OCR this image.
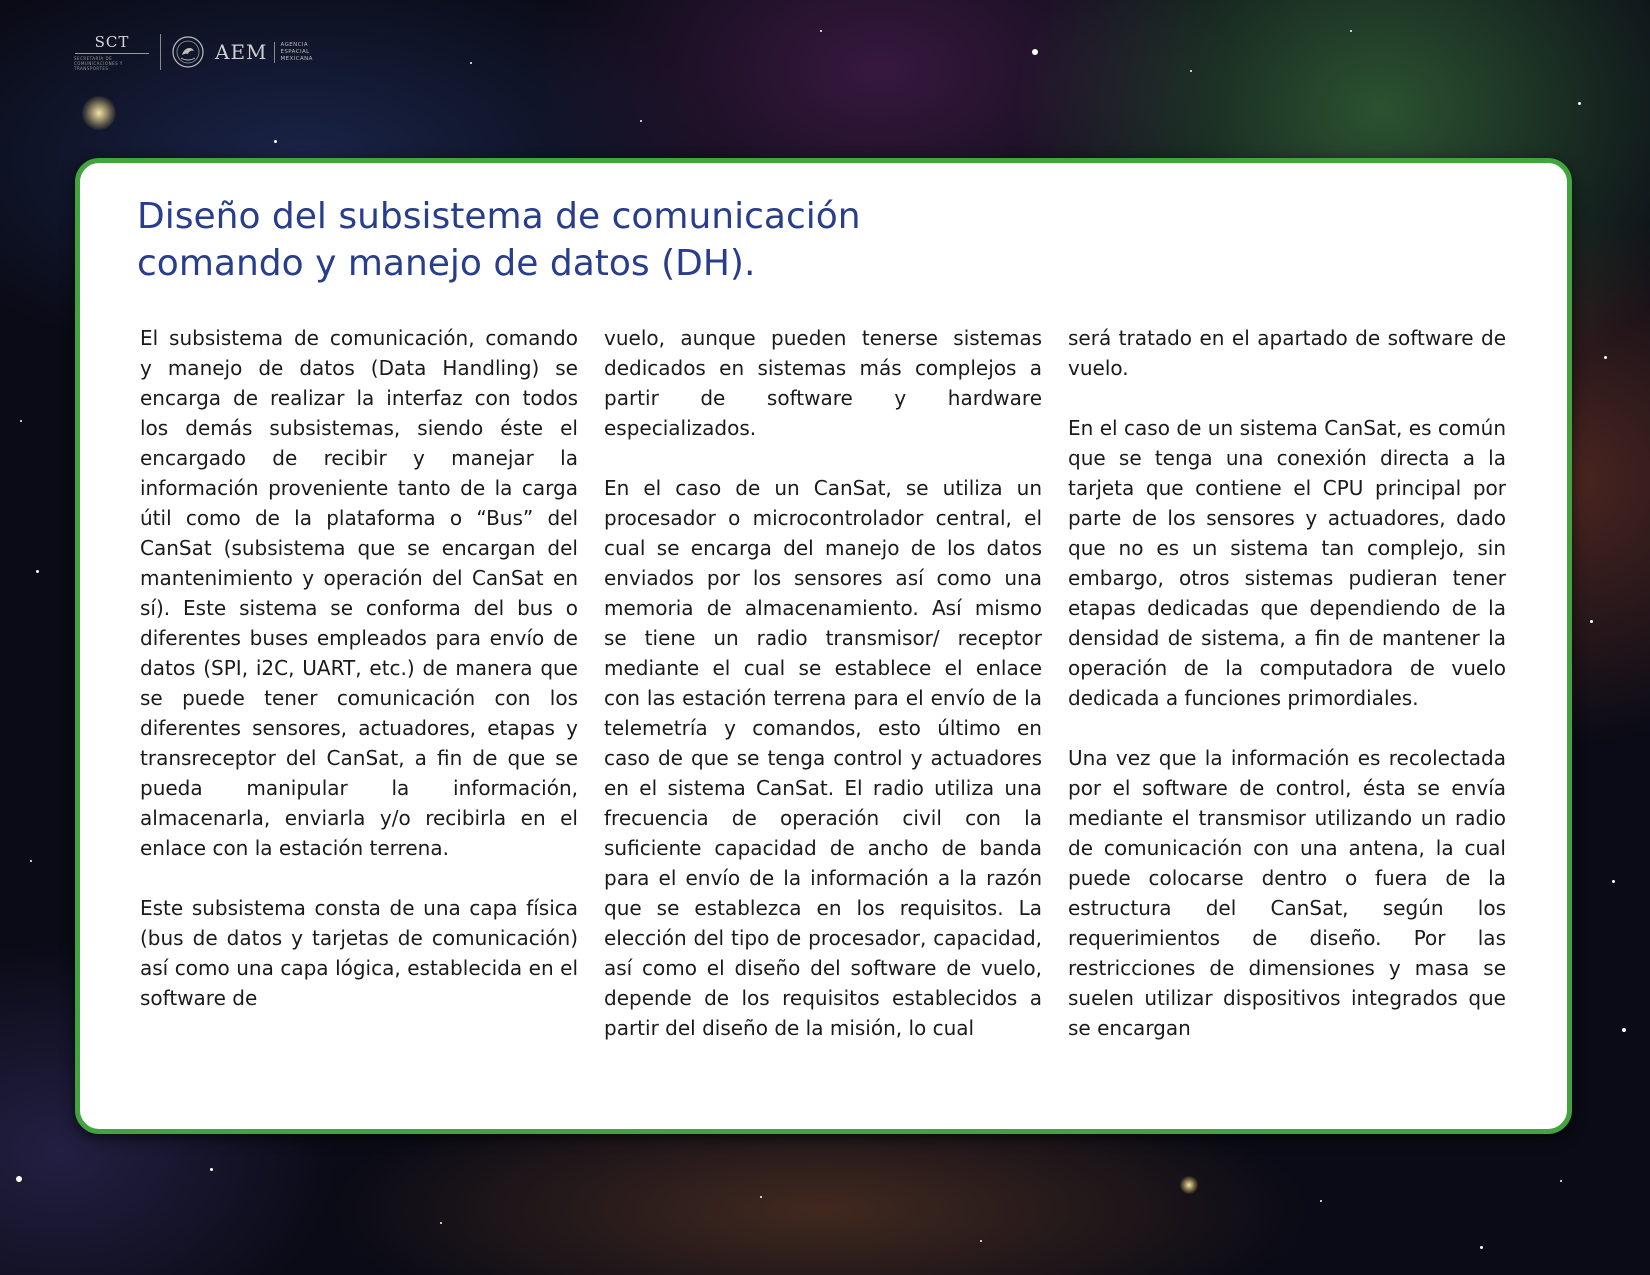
SCT
SECRETARÍA DE COMUNICACIONES Y TRANSPORTES
AEM AGENCIA
ESPACIAL
MEXICANA
Diseño del subsistema de comunicación
comando y manejo de datos (DH).

El subsistema de comunicación, comando y manejo de datos (Data Handling) se encarga de realizar la interfaz con todos los demás subsistemas, siendo éste el encargado de recibir y manejar la información proveniente tanto de la carga útil como de la plataforma o “Bus” del CanSat (subsistema que se encargan del mantenimiento y operación del CanSat en sí). Este sistema se conforma del bus o diferentes buses empleados para envío de datos (SPI, i2C, UART, etc.) de manera que se puede tener comunicación con los diferentes sensores, actuadores, etapas y transreceptor del CanSat, a fin de que se pueda manipular la información, almacenarla, enviarla y/o recibirla en el enlace con la estación terrena.

Este subsistema consta de una capa física (bus de datos y tarjetas de comunicación) así como una capa lógica, establecida en el software de

vuelo, aunque pueden tenerse sistemas dedicados en sistemas más complejos a partir de software y hardware especializados.

En el caso de un CanSat, se utiliza un procesador o microcontrolador central, el cual se encarga del manejo de los datos enviados por los sensores así como una memoria de almacenamiento. Así mismo se tiene un radio transmisor/ receptor mediante el cual se establece el enlace con las estación terrena para el envío de la telemetría y comandos, esto último en caso de que se tenga control y actuadores en el sistema CanSat. El radio utiliza una frecuencia de operación civil con la suficiente capacidad de ancho de banda para el envío de la información a la razón que se establezca en los requisitos. La elección del tipo de procesador, capacidad, así como el diseño del software de vuelo, depende de los requisitos establecidos a partir del diseño de la misión, lo cual

será tratado en el apartado de software de vuelo.

En el caso de un sistema CanSat, es común que se tenga una conexión directa a la tarjeta que contiene el CPU principal por parte de los sensores y actuadores, dado que no es un sistema tan complejo, sin embargo, otros sistemas pudieran tener etapas dedicadas que dependiendo de la densidad de sistema, a fin de mantener la operación de la computadora de vuelo dedicada a funciones primordiales.

Una vez que la información es recolectada por el software de control, ésta se envía mediante el transmisor utilizando un radio de comunicación con una antena, la cual puede colocarse dentro o fuera de la estructura del CanSat, según los requerimientos de diseño. Por las restricciones de dimensiones y masa se suelen utilizar dispositivos integrados que se encargan
